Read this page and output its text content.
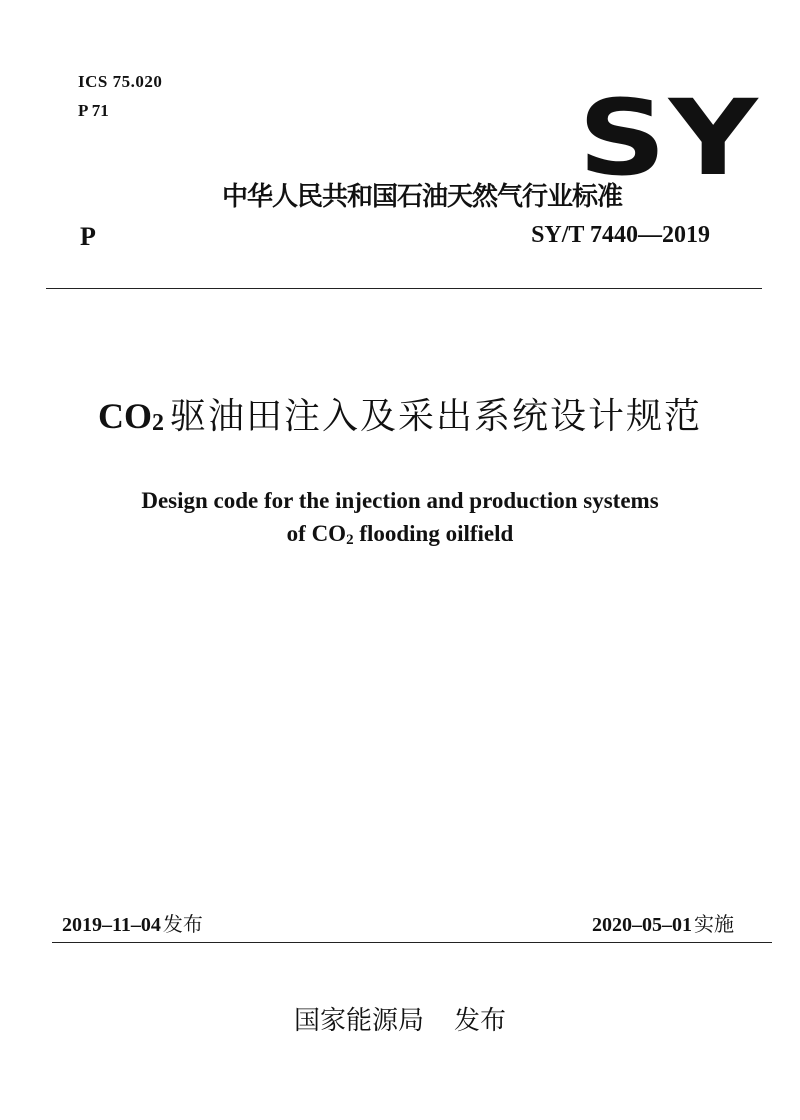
ICS 75.020
P 71	SY
中华人民共和国石油天然气行业标准
P	SY/T 7440—2019
CO2 驱油田注入及采出系统设计规范
Design code for the injection and production systems
of $CO_2$ flooding oilfield
2019–11–04 发布	2020–05–01 实施
国家能源局 发布
